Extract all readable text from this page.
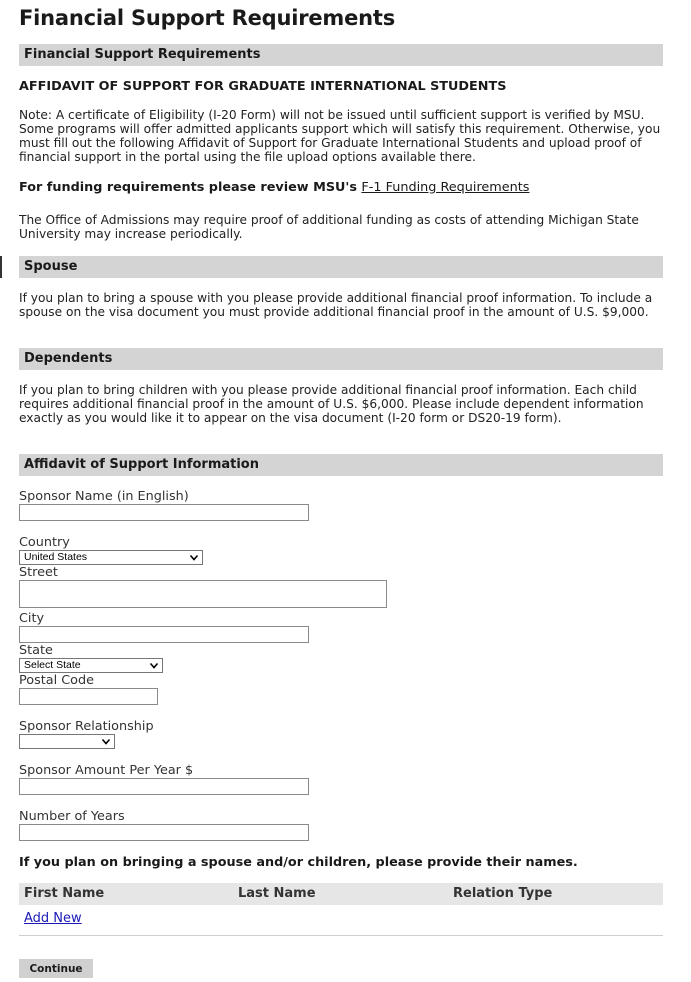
Financial Support Requirements
Financial Support Requirements
AFFIDAVIT OF SUPPORT FOR GRADUATE INTERNATIONAL STUDENTS

Note: A certificate of Eligibility (I-20 Form) will not be issued until sufficient support is verified by MSU. Some programs will offer admitted applicants support which will satisfy this requirement. Otherwise, you must fill out the following Affidavit of Support for Graduate International Students and upload proof of financial support in the portal using the file upload options available there.

For funding requirements please review MSU's F-1 Funding Requirements

The Office of Admissions may require proof of additional funding as costs of attending Michigan State University may increase periodically.

Spouse

If you plan to bring a spouse with you please provide additional financial proof information. To include a spouse on the visa document you must provide additional financial proof in the amount of U.S. $9,000.

Dependents

If you plan to bring children with you please provide additional financial proof information. Each child requires additional financial proof in the amount of U.S. $6,000. Please include dependent information exactly as you would like it to appear on the visa document (I-20 form or DS20-19 form).

Affidavit of Support Information
Sponsor Name (in English)
Country
United States
Street
City
State
Select State
Postal Code
Sponsor Relationship
Sponsor Amount Per Year $
Number of Years
If you plan on bringing a spouse and/or children, please provide their names.
First Name	Last Name	Relation Type
Add New
Continue
